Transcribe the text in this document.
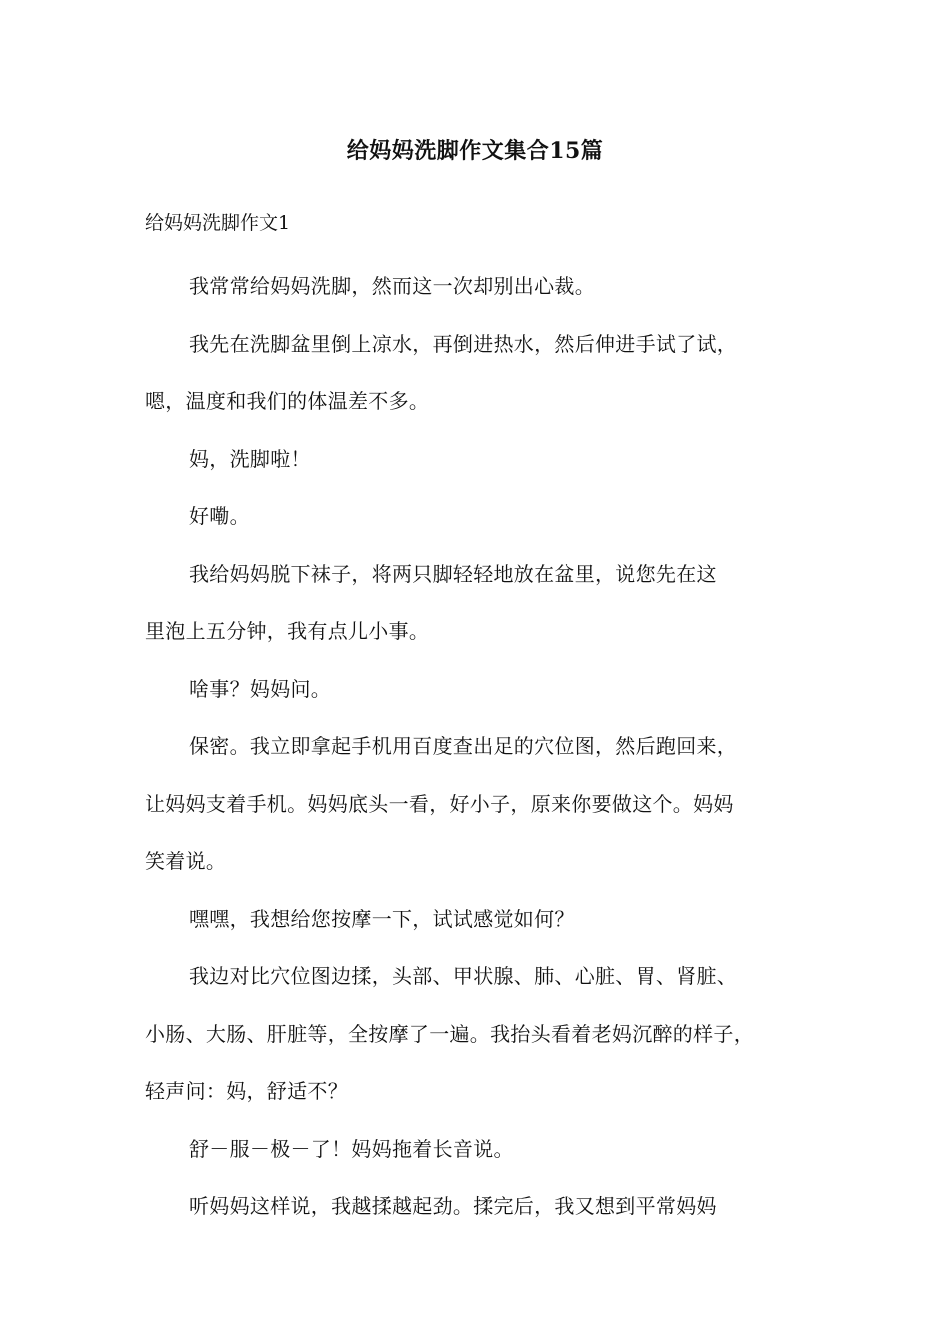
给妈妈洗脚作文集合15篇

给妈妈洗脚作文1

我常常给妈妈洗脚，然而这一次却别出心裁。

我先在洗脚盆里倒上凉水，再倒进热水，然后伸进手试了试，
嗯，温度和我们的体温差不多。

妈，洗脚啦！

好嘞。

我给妈妈脱下袜子，将两只脚轻轻地放在盆里，说您先在这
里泡上五分钟，我有点儿小事。

啥事？妈妈问。

保密。我立即拿起手机用百度查出足的穴位图，然后跑回来，
让妈妈支着手机。妈妈底头一看，好小子，原来你要做这个。妈妈
笑着说。

嘿嘿，我想给您按摩一下，试试感觉如何？

我边对比穴位图边揉，头部、甲状腺、肺、心脏、胃、肾脏、
小肠、大肠、肝脏等，全按摩了一遍。我抬头看着老妈沉醉的样子，
轻声问：妈，舒适不？

舒－服－极－了！妈妈拖着长音说。

听妈妈这样说，我越揉越起劲。揉完后，我又想到平常妈妈
